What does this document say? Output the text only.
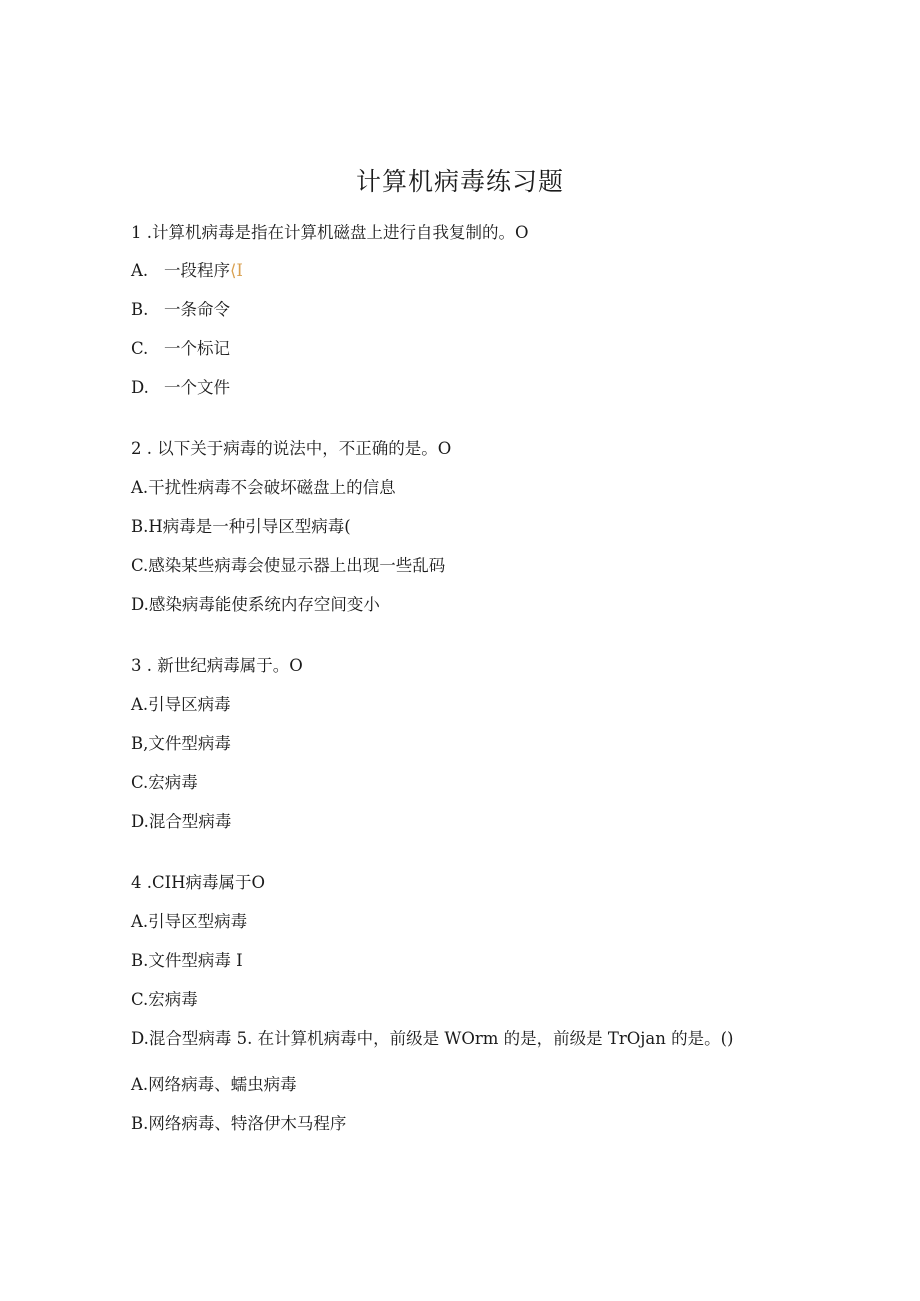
计算机病毒练习题
1 .计算机病毒是指在计算机磁盘上进行自我复制的。O
A. 一段程序⟨I
B. 一条命令
C. 一个标记
D. 一个文件
2 . 以下关于病毒的说法中，不正确的是。O
A.干扰性病毒不会破坏磁盘上的信息
B.H病毒是一种引导区型病毒(
C.感染某些病毒会使显示器上出现一些乱码
D.感染病毒能使系统内存空间变小
3 . 新世纪病毒属于。O
A.引导区病毒
B,文件型病毒
C.宏病毒
D.混合型病毒
4 .CIH病毒属于O
A.引导区型病毒
B.文件型病毒 I
C.宏病毒
D.混合型病毒 5. 在计算机病毒中，前级是 WOrm 的是，前级是 TrOjan 的是。()
A.网络病毒、蠕虫病毒
B.网络病毒、特洛伊木马程序
